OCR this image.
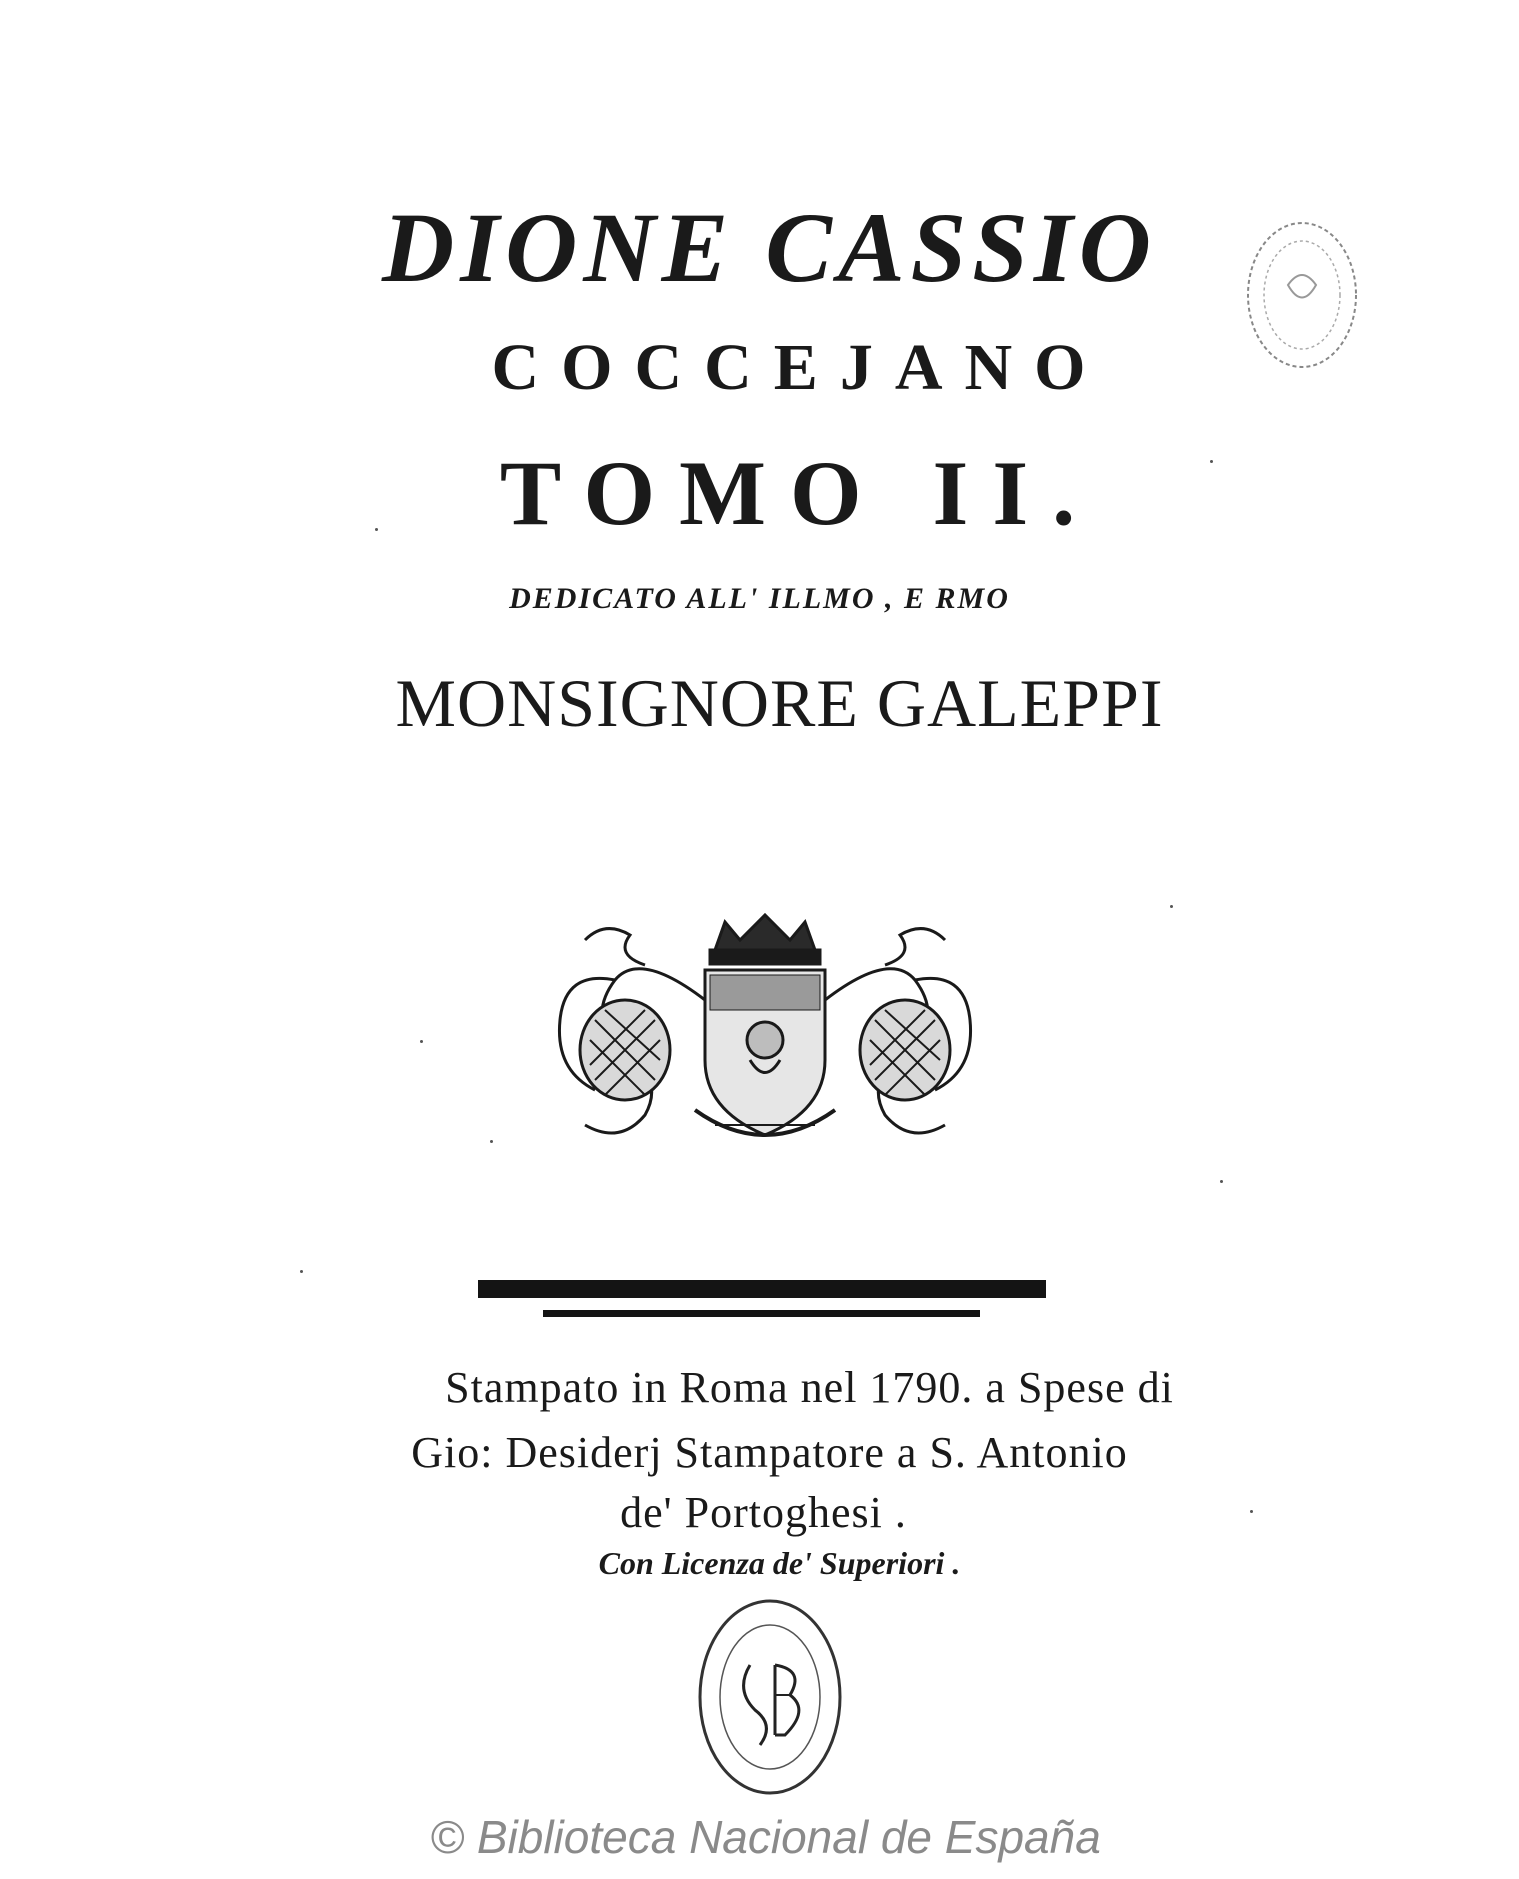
DIONE CASSIO
COCCEJANO
TOMO II.
DEDICATO ALL' ILLMO , E RMO
MONSIGNORE GALEPPI
Stampato in Roma nel 1790. a Spese di
Gio: Desiderj Stampatore a S. Antonio
de' Portoghesi .
Con Licenza de' Superiori .
© Biblioteca Nacional de España
